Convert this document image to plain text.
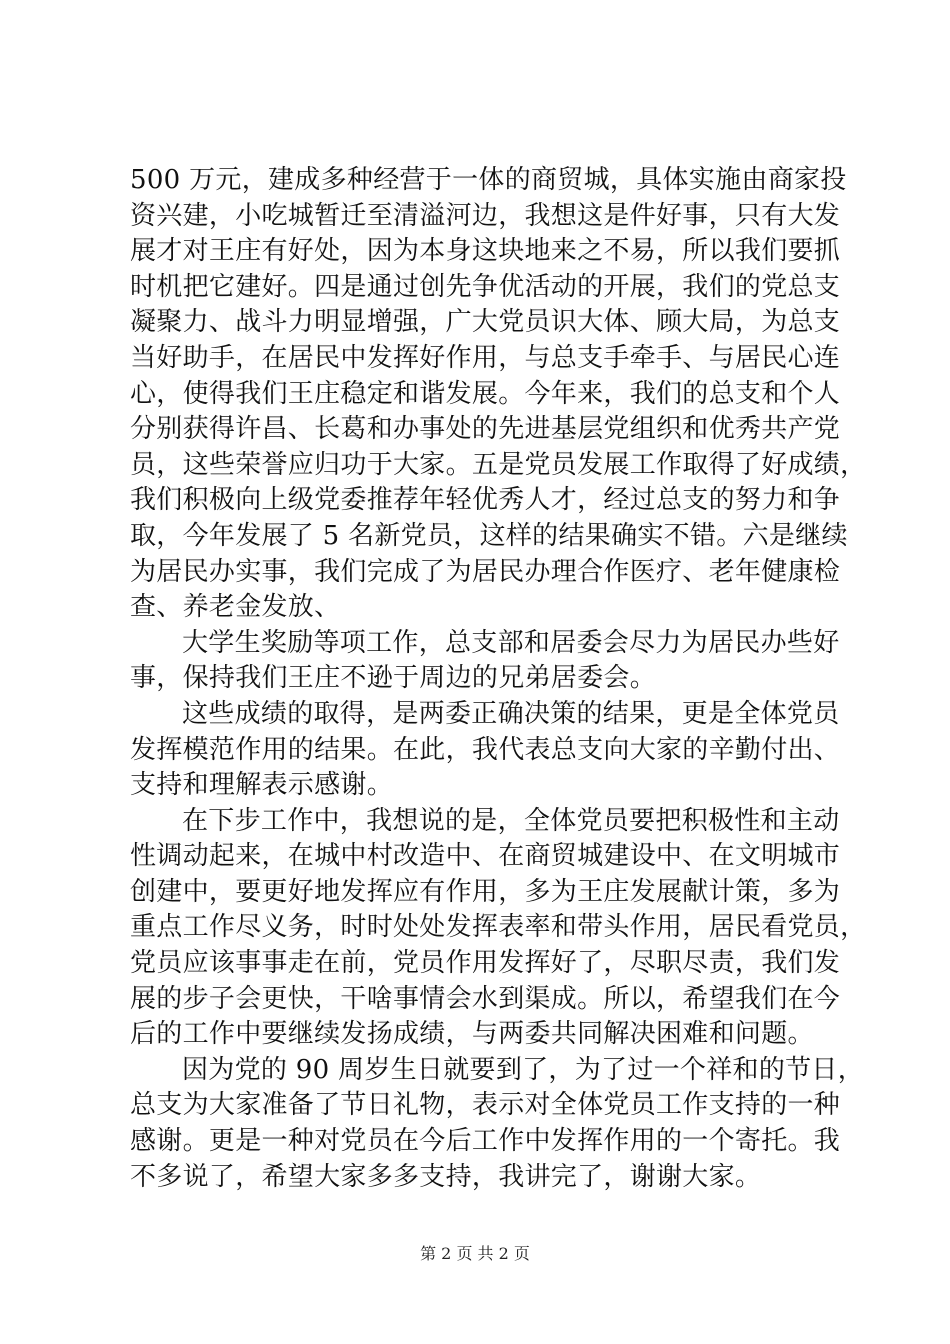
500 万元，建成多种经营于一体的商贸城，具体实施由商家投
资兴建，小吃城暂迁至清溢河边，我想这是件好事，只有大发
展才对王庄有好处，因为本身这块地来之不易，所以我们要抓
时机把它建好。四是通过创先争优活动的开展，我们的党总支
凝聚力、战斗力明显增强，广大党员识大体、顾大局，为总支
当好助手，在居民中发挥好作用，与总支手牵手、与居民心连
心，使得我们王庄稳定和谐发展。今年来，我们的总支和个人
分别获得许昌、长葛和办事处的先进基层党组织和优秀共产党
员，这些荣誉应归功于大家。五是党员发展工作取得了好成绩，
我们积极向上级党委推荐年轻优秀人才，经过总支的努力和争
取，今年发展了 5 名新党员，这样的结果确实不错。六是继续
为居民办实事，我们完成了为居民办理合作医疗、老年健康检
查、养老金发放、
大学生奖励等项工作，总支部和居委会尽力为居民办些好
事，保持我们王庄不逊于周边的兄弟居委会。
这些成绩的取得，是两委正确决策的结果，更是全体党员
发挥模范作用的结果。在此，我代表总支向大家的辛勤付出、
支持和理解表示感谢。
在下步工作中，我想说的是，全体党员要把积极性和主动
性调动起来，在城中村改造中、在商贸城建设中、在文明城市
创建中，要更好地发挥应有作用，多为王庄发展献计策，多为
重点工作尽义务，时时处处发挥表率和带头作用，居民看党员，
党员应该事事走在前，党员作用发挥好了，尽职尽责，我们发
展的步子会更快，干啥事情会水到渠成。所以，希望我们在今
后的工作中要继续发扬成绩，与两委共同解决困难和问题。
因为党的 90 周岁生日就要到了，为了过一个祥和的节日，
总支为大家准备了节日礼物，表示对全体党员工作支持的一种
感谢。更是一种对党员在今后工作中发挥作用的一个寄托。我
不多说了，希望大家多多支持，我讲完了，谢谢大家。
第 2 页 共 2 页
